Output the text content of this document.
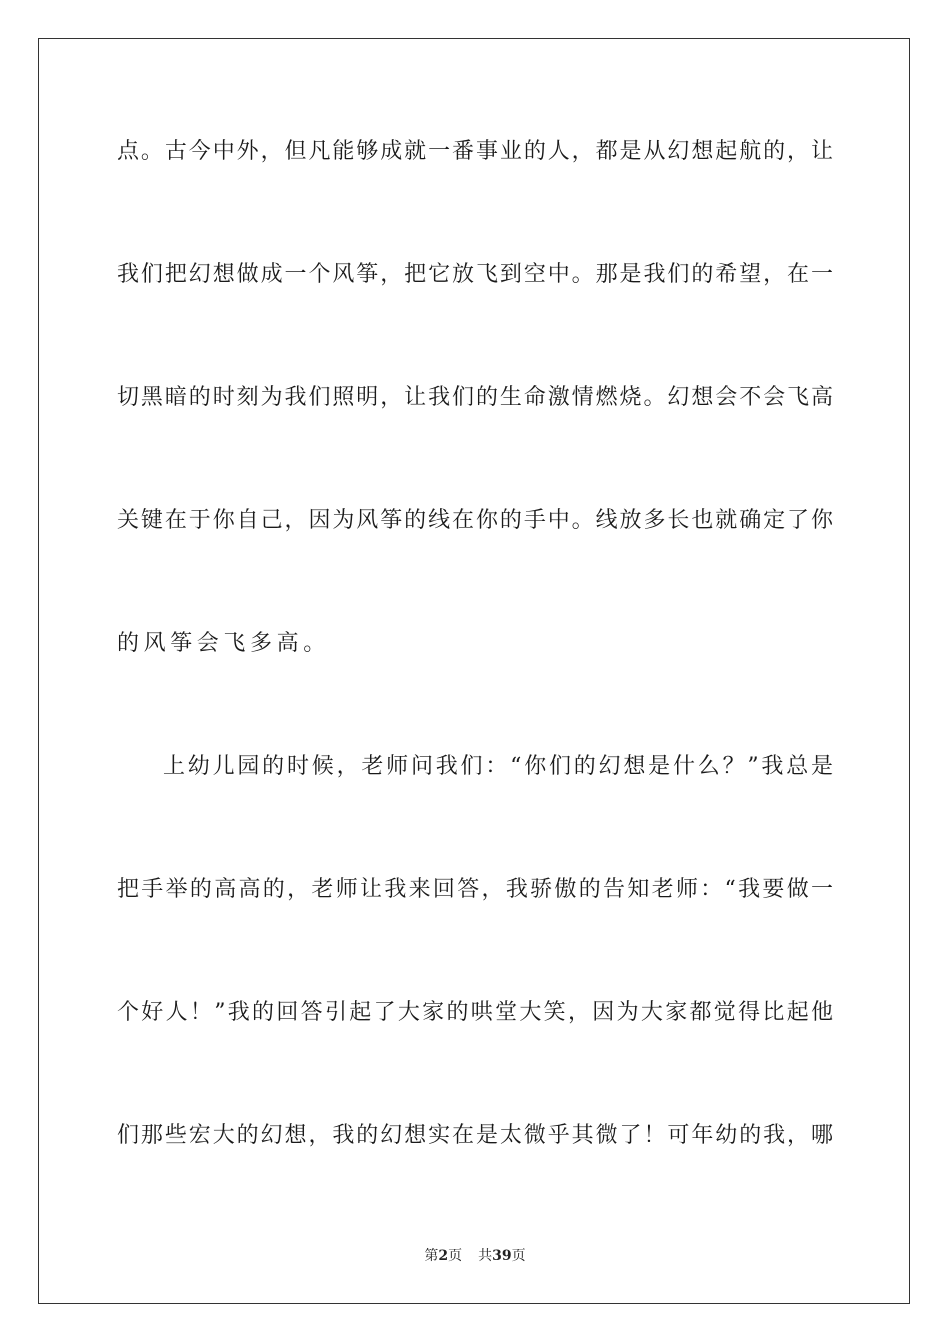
点。古今中外，但凡能够成就一番事业的人，都是从幻想起航的，让
我们把幻想做成一个风筝，把它放飞到空中。那是我们的希望，在一
切黑暗的时刻为我们照明，让我们的生命激情燃烧。幻想会不会飞高
关键在于你自己，因为风筝的线在你的手中。线放多长也就确定了你
的风筝会飞多高。
上幼儿园的时候，老师问我们：“你们的幻想是什么？”我总是
把手举的高高的，老师让我来回答，我骄傲的告知老师：“我要做一
个好人！”我的回答引起了大家的哄堂大笑，因为大家都觉得比起他
们那些宏大的幻想，我的幻想实在是太微乎其微了！可年幼的我，哪
第2页 共39页
